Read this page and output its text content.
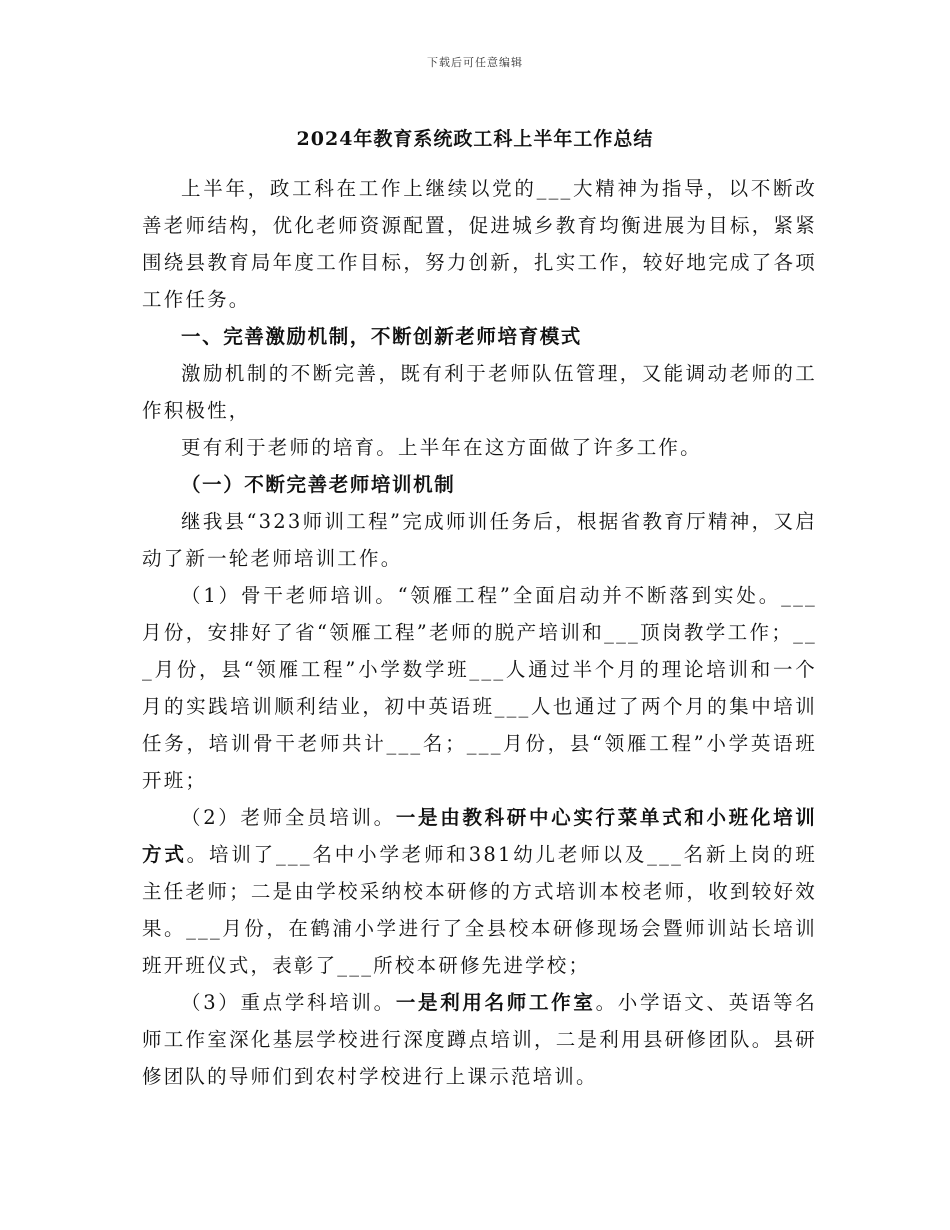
下载后可任意编辑
2024年教育系统政工科上半年工作总结

上半年，政工科在工作上继续以党的___大精神为指导，以不断改善老师结构，优化老师资源配置，促进城乡教育均衡进展为目标，紧紧围绕县教育局年度工作目标，努力创新，扎实工作，较好地完成了各项工作任务。

一、完善激励机制，不断创新老师培育模式

激励机制的不断完善，既有利于老师队伍管理，又能调动老师的工作积极性，

更有利于老师的培育。上半年在这方面做了许多工作。

（一）不断完善老师培训机制

继我县“323师训工程”完成师训任务后，根据省教育厅精神，又启动了新一轮老师培训工作。

（1）骨干老师培训。“领雁工程”全面启动并不断落到实处。___月份，安排好了省“领雁工程”老师的脱产培训和___顶岗教学工作；___月份，县“领雁工程”小学数学班___人通过半个月的理论培训和一个月的实践培训顺利结业，初中英语班___人也通过了两个月的集中培训任务，培训骨干老师共计___名；___月份，县“领雁工程”小学英语班开班；

（2）老师全员培训。一是由教科研中心实行菜单式和小班化培训方式。培训了___名中小学老师和381幼儿老师以及___名新上岗的班主任老师；二是由学校采纳校本研修的方式培训本校老师，收到较好效果。___月份，在鹤浦小学进行了全县校本研修现场会暨师训站长培训班开班仪式，表彰了___所校本研修先进学校；

（3）重点学科培训。一是利用名师工作室。小学语文、英语等名师工作室深化基层学校进行深度蹲点培训，二是利用县研修团队。县研修团队的导师们到农村学校进行上课示范培训。
